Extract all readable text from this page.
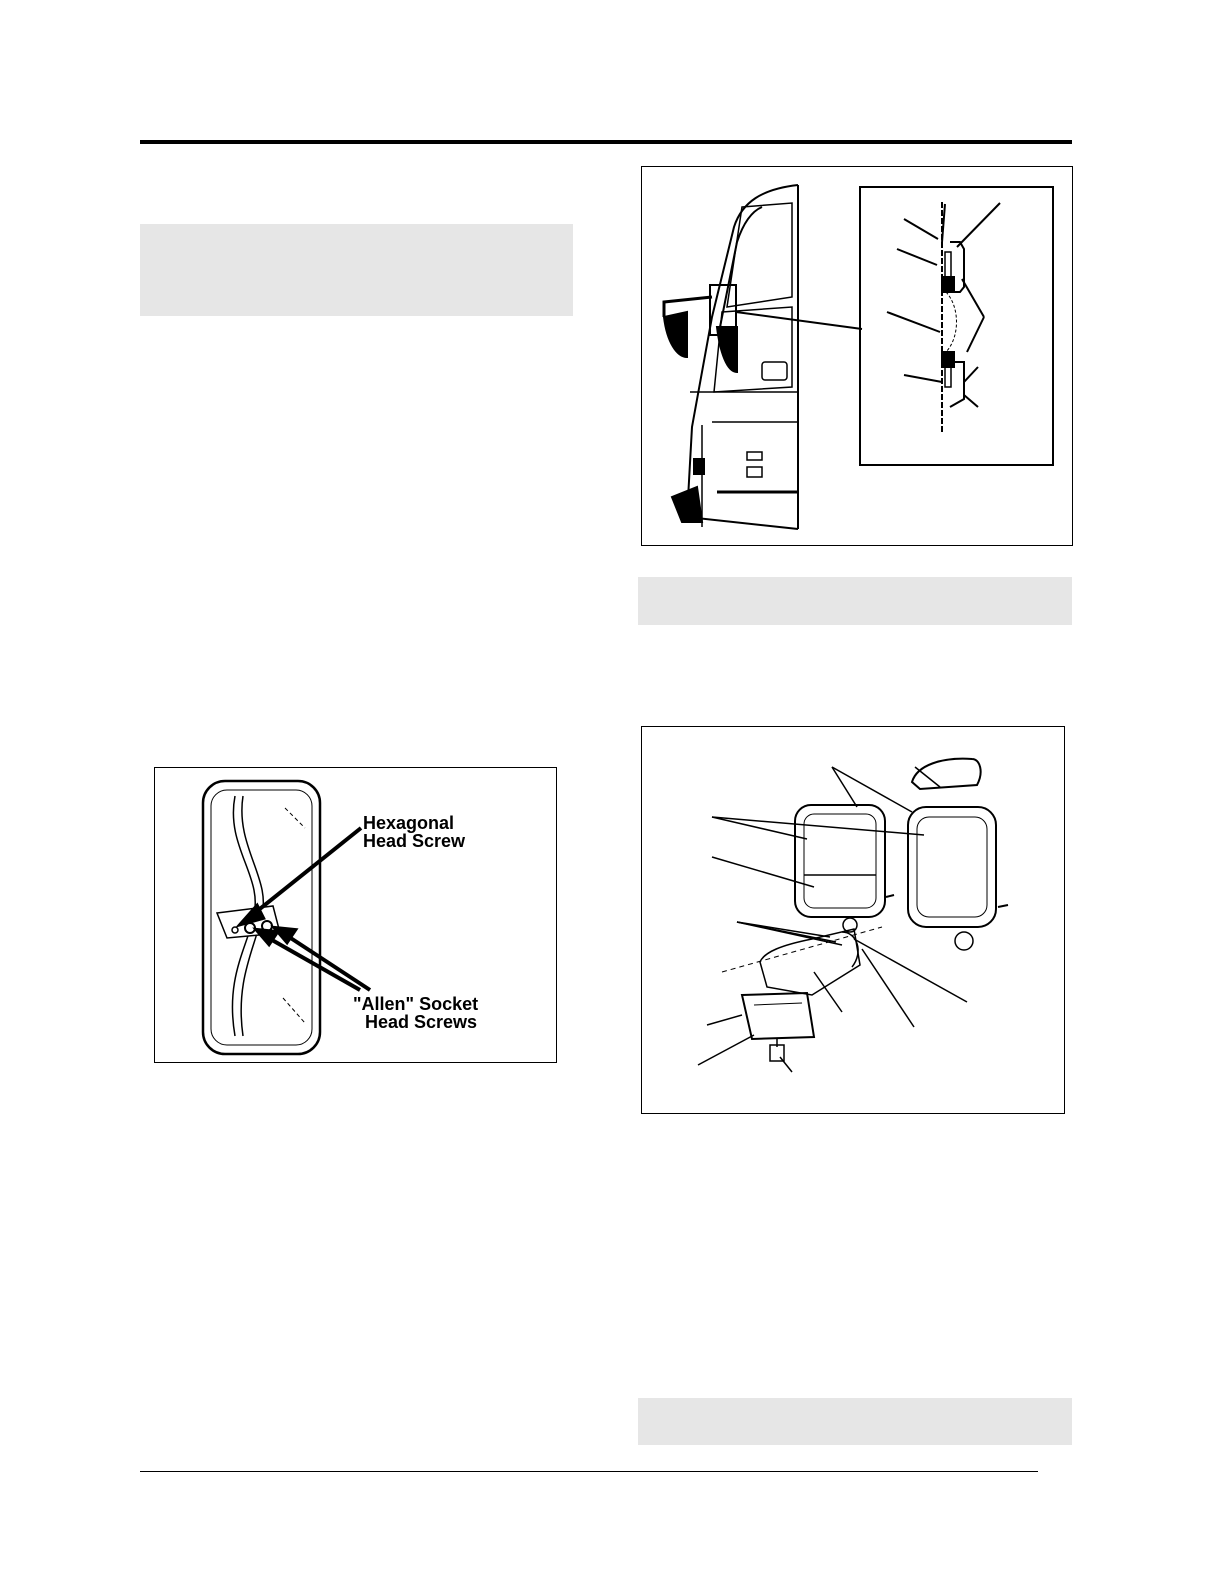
Hexagonal
Head Screw
"Allen" Socket
Head Screws
